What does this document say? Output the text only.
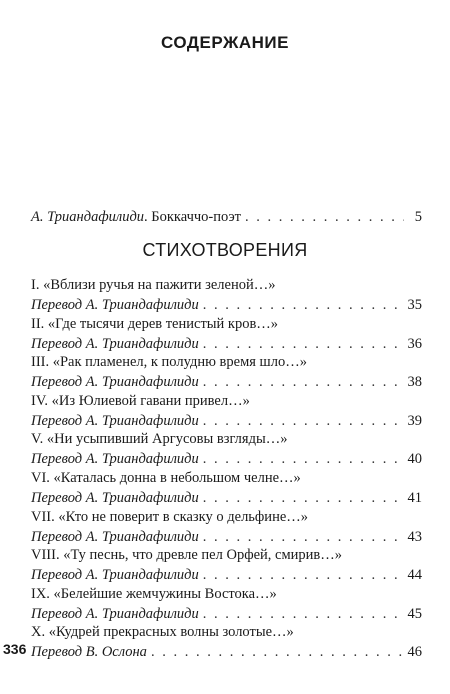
СОДЕРЖАНИЕ
А. Триандафилиди. Боккаччо-поэт . . .	5
СТИХОТВОРЕНИЯ
I. «Вблизи ручья на пажити зеленой…»
Перевод А. Триандафилиди . . .	35
II. «Где тысячи дерев тенистый кров…»
Перевод А. Триандафилиди . . .	36
III. «Рак пламенел, к полудню время шло…»
Перевод А. Триандафилиди . . .	38
IV. «Из Юлиевой гавани привел…»
Перевод А. Триандафилиди . . .	39
V. «Ни усыпивший Аргусовы взгляды…»
Перевод А. Триандафилиди . . .	40
VI. «Каталась донна в небольшом челне…»
Перевод А. Триандафилиди . . .	41
VII. «Кто не поверит в сказку о дельфине…»
Перевод А. Триандафилиди . . .	43
VIII. «Ту песнь, что древле пел Орфей, смирив…»
Перевод А. Триандафилиди . . .	44
IX. «Белейшие жемчужины Востока…»
Перевод А. Триандафилиди . . .	45
X. «Кудрей прекрасных волны золотые…»
Перевод В. Ослона . . .	46
336
